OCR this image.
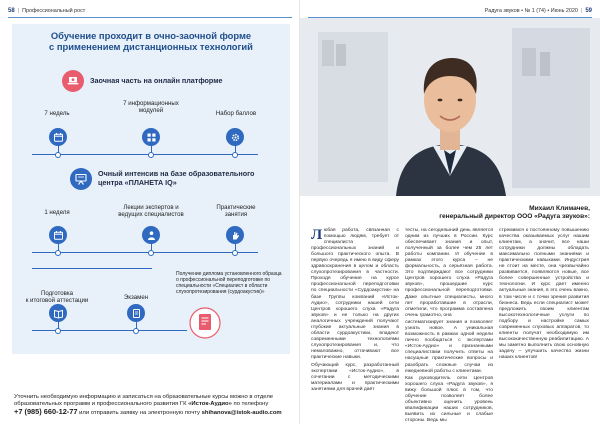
58 | Профессиональный рост	Радуга звуков • № 1 (74) • Июнь 2020 | 59
Обучение проходит в очно-заочной форме
с применением дистанционных технологий
Заочная часть на онлайн платформе
7 недель
7 информационных
модулей	Набор баллов
Очный интенсив на базе образовательного
центра «ПЛАНЕТА IQ»
1 неделя
Лекции экспертов и
ведущих специалистов
Практические
занятия
Подготовка
к итоговой аттестации	Экзамен
Получение диплома установленного образца
о профессиональной переподготовке по
специальности «Специалист в области
слухопротезирования (сурдоакустик)»
Уточнить необходимую информацию и записаться на образовательные курсы можно в отделе
образовательных программ и профессионального развития ГК «Исток-Аудио» по телефону
+7 (985) 660-12-77 или отправить заявку на электронную почту shihanova@istok-audio.com
Михаил Климачев,
генеральный директор ООО «Радуга звуков»:

Любая работа, связанная с помощью людям, требует от специалиста профессиональных знаний и большого практического опыта. В первую очередь я имею в виду сферу здравоохранения в целом и область слухопротезирования в частности. Проходя обучение на курсе профессиональной переподготовки по специальности «Сурдоакустик» на базе Группы компаний «Исток-Аудио», сотрудники нашей сети Центров хорошего слуха «Радуга звуков» и не только на других аналогичных учреждений получают глубокие актуальные знания в области сурдоакустики, владеют современными технологиями слухопротезирования и, что немаловажно, оттачивают все практические навыки.

Обучающий курс, разработанный экспертами «Исток-Аудио», в сочетании с методическими материалами и практическими занятиями для врачей даёт

тесты, на сегодняшний день является одним из лучших в России. Курс обеспечивает знания и опыт, полученный за более чем 25 лет работы компании. И обучение в рамках этого курса – не формальность, а серьёзная работа. Это подтверждают все сотрудники Центров хорошего слуха «Радуга звуков», прошедшие курс профессиональной переподготовки. Даже опытные специалисты, много лет проработавшие в отрасли, отметили, что программа составлена очень грамотно, она

систематизирует знания и позволяет узнать новое. А уникальная возможность в рамках одной недели лично пообщаться с экспертами «Исток-Аудио» и признанными специалистами получить ответы на насущные практические вопросы и разобрать сложные случаи из ежедневной работы с клиентами.

Как руководитель сети Центров хорошего слуха «Радуга звуков», я вижу большой плюс в том, что обучение позволяет более объективно оценить уровень квалификации наших сотрудников, выявить их сильные и слабые стороны. Ведь мы

стремимся к постоянному повышению качества оказываемых услуг нашим клиентам, а значит, все наши сотрудники должны обладать максимально полными знаниями и практическими навыками. Индустрия не стоит на месте, она чрезвычайно развивается, появляются новые, все более совершенные устройства и технологии. И курс дает именно актуальные знания, в это очень важно, в том числе и с точки зрения развития бизнеса. Ведь если специалист может предложить своим клиентам высокотехнологичные услуги по подбору и настройке самых современных слуховых аппаратов, то клиенты получат необходимую им высококачественную реабилитацию. А мы заметно выполнить свою основную задачу – улучшить качество жизни наших клиентов!
